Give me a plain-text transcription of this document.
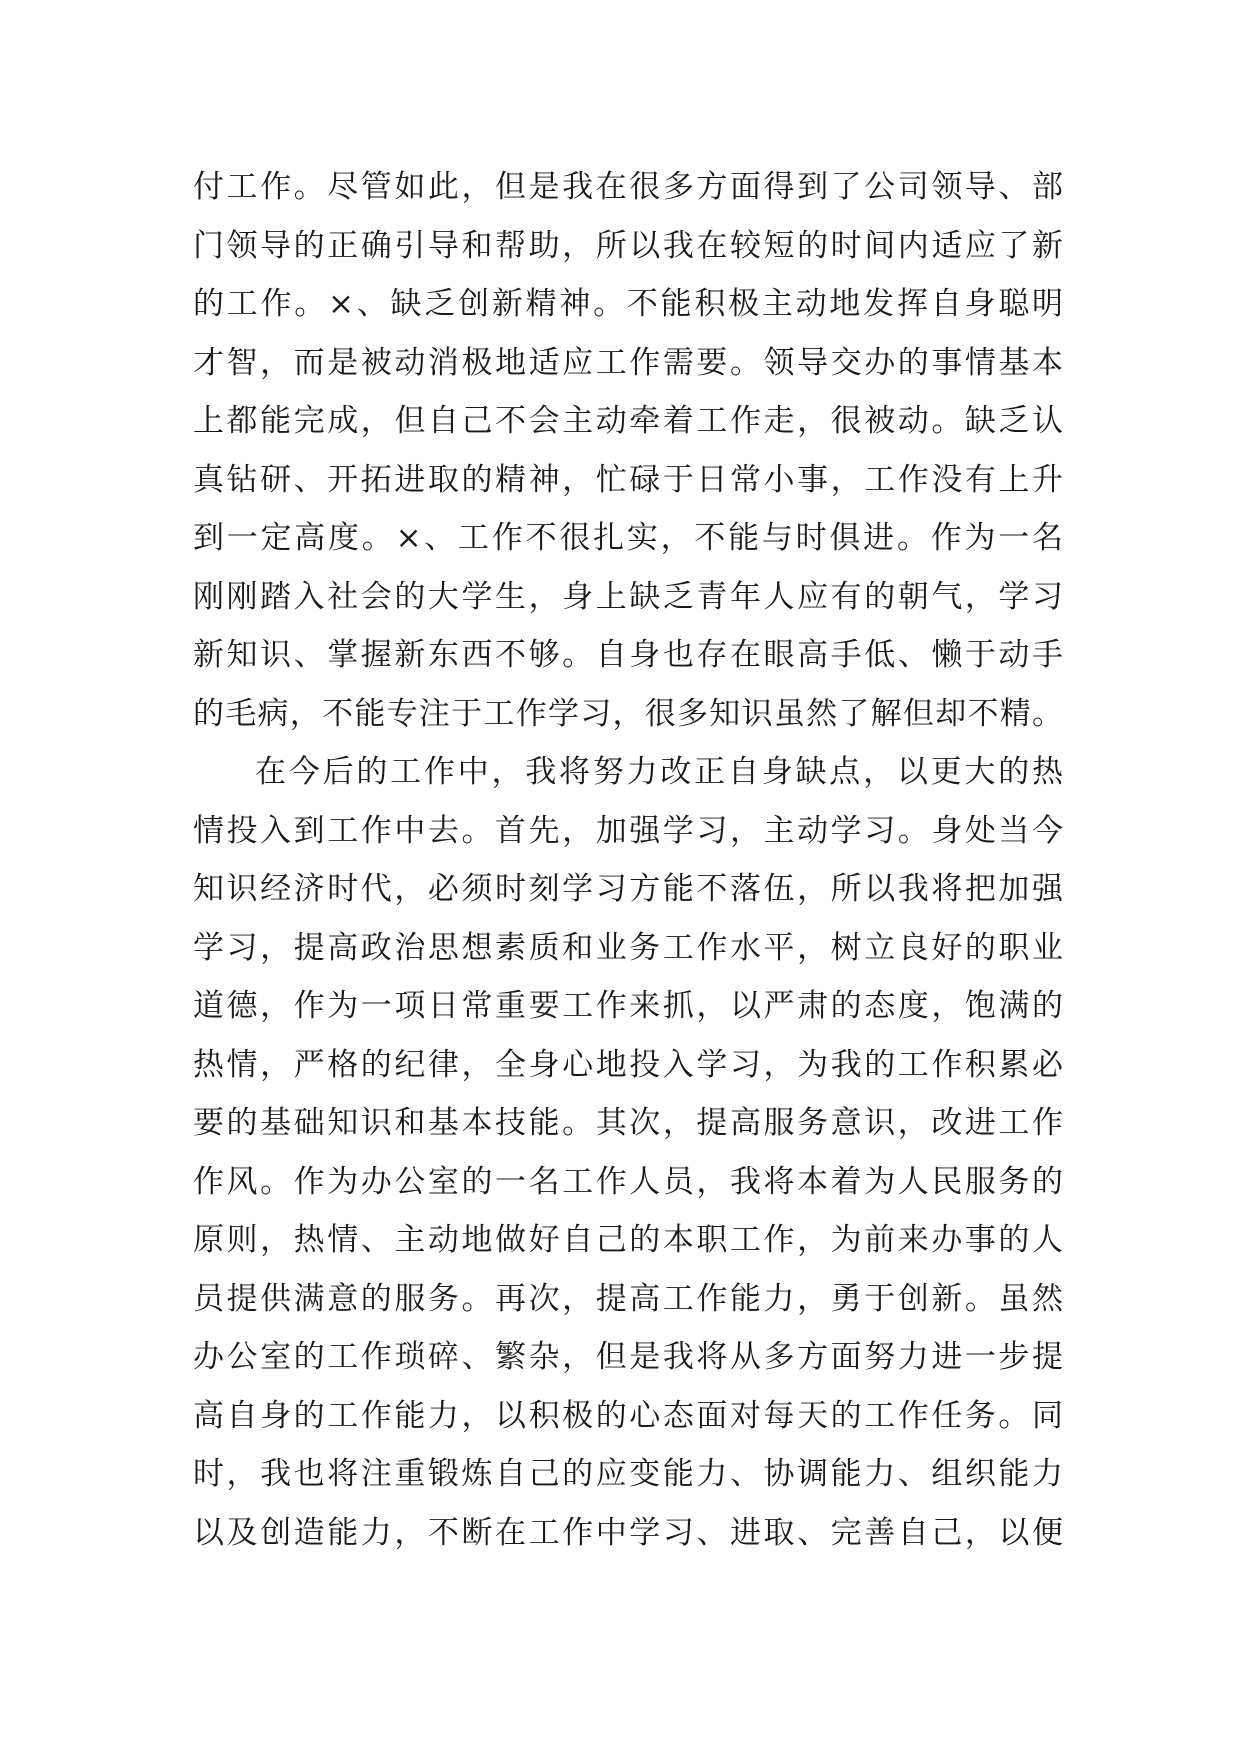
付工作。尽管如此，但是我在很多方面得到了公司领导、部
门领导的正确引导和帮助，所以我在较短的时间内适应了新
的工作。×、缺乏创新精神。不能积极主动地发挥自身聪明
才智，而是被动消极地适应工作需要。领导交办的事情基本
上都能完成，但自己不会主动牵着工作走，很被动。缺乏认
真钻研、开拓进取的精神，忙碌于日常小事，工作没有上升
到一定高度。×、工作不很扎实，不能与时俱进。作为一名
刚刚踏入社会的大学生，身上缺乏青年人应有的朝气，学习
新知识、掌握新东西不够。自身也存在眼高手低、懒于动手
的毛病，不能专注于工作学习，很多知识虽然了解但却不精。
在今后的工作中，我将努力改正自身缺点，以更大的热
情投入到工作中去。首先，加强学习，主动学习。身处当今
知识经济时代，必须时刻学习方能不落伍，所以我将把加强
学习，提高政治思想素质和业务工作水平，树立良好的职业
道德，作为一项日常重要工作来抓，以严肃的态度，饱满的
热情，严格的纪律，全身心地投入学习，为我的工作积累必
要的基础知识和基本技能。其次，提高服务意识，改进工作
作风。作为办公室的一名工作人员，我将本着为人民服务的
原则，热情、主动地做好自己的本职工作，为前来办事的人
员提供满意的服务。再次，提高工作能力，勇于创新。虽然
办公室的工作琐碎、繁杂，但是我将从多方面努力进一步提
高自身的工作能力，以积极的心态面对每天的工作任务。同
时，我也将注重锻炼自己的应变能力、协调能力、组织能力
以及创造能力，不断在工作中学习、进取、完善自己，以便
